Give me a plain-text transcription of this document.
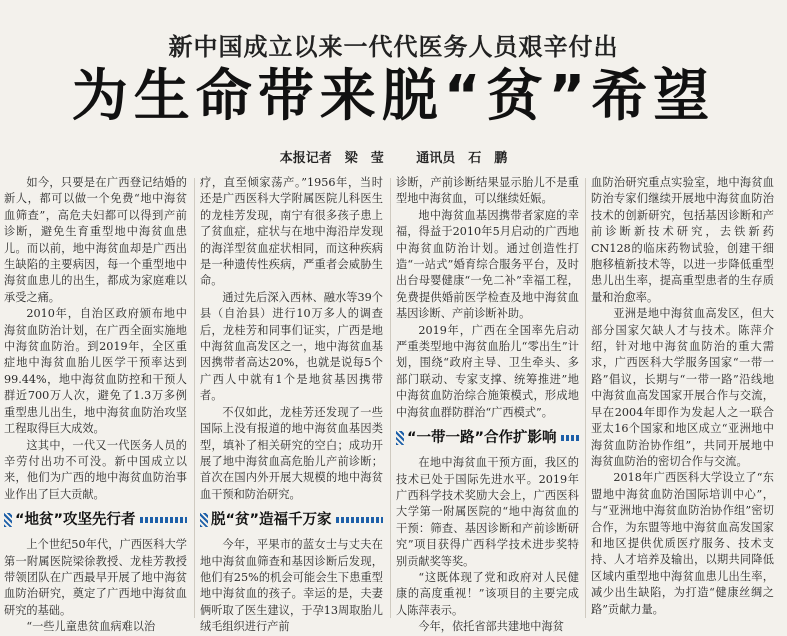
新中国成立以来一代代医务人员艰辛付出
为生命带来脱“贫”希望
本报记者　梁　莹	通讯员　石　鹏

如今，只要是在广西登记结婚的新人，都可以做一个免费“地中海贫血筛查”，高危夫妇都可以得到产前诊断，避免生育重型地中海贫血患儿。而以前，地中海贫血却是广西出生缺陷的主要病因，每一个重型地中海贫血患儿的出生，都成为家庭难以承受之痛。

2010年，自治区政府颁布地中海贫血防治计划，在广西全面实施地中海贫血防治。到2019年，全区重症地中海贫血胎儿医学干预率达到99.44%，地中海贫血防控和干预人群近700万人次，避免了1.3万多例重型患儿出生，地中海贫血防治攻坚工程取得巨大成效。

这其中，一代又一代医务人员的辛劳付出功不可没。新中国成立以来，他们为广西的地中海贫血防治事业作出了巨大贡献。

“地贫”攻坚先行者

上个世纪50年代，广西医科大学第一附属医院梁徐教授、龙桂芳教授带领团队在广西最早开展了地中海贫血防治研究，奠定了广西地中海贫血研究的基础。

“一些儿童患贫血病难以治

疗，直至倾家荡产。”1956年，当时还是广西医科大学附属医院儿科医生的龙桂芳发现，南宁有很多孩子患上了贫血症，症状与在地中海沿岸发现的海洋型贫血症状相同，而这种疾病是一种遗传性疾病，严重者会威胁生命。

通过先后深入西林、融水等39个县（自治县）进行10万多人的调查后，龙桂芳和同事们证实，广西是地中海贫血高发区之一，地中海贫血基因携带者高达20%，也就是说每5个广西人中就有1个是地贫基因携带者。

不仅如此，龙桂芳还发现了一些国际上没有报道的地中海贫血基因类型，填补了相关研究的空白；成功开展了地中海贫血高危胎儿产前诊断；首次在国内外开展大规模的地中海贫血干预和防治研究。

脱“贫”造福千万家

今年，平果市的蓝女士与丈夫在地中海贫血筛查和基因诊断后发现，他们有25%的机会可能会生下患重型地中海贫血的孩子。幸运的是，夫妻俩听取了医生建议，于孕13周取胎儿绒毛组织进行产前

诊断，产前诊断结果显示胎儿不是重型地中海贫血，可以继续妊娠。

地中海贫血基因携带者家庭的幸福，得益于2010年5月启动的广西地中海贫血防治计划。通过创造性打造“一站式”婚育综合服务平台，及时出台母婴健康“一免二补”幸福工程，免费提供婚前医学检查及地中海贫血基因诊断、产前诊断补助。

2019年，广西在全国率先启动严重类型地中海贫血胎儿“零出生”计划，围绕“政府主导、卫生牵头、多部门联动、专家支撑、统筹推进”地中海贫血防治综合施策模式，形成地中海贫血群防群治“广西模式”。

“一带一路”合作扩影响

在地中海贫血干预方面，我区的技术已处于国际先进水平。2019年广西科学技术奖励大会上，广西医科大学第一附属医院的“地中海贫血的干预：筛查、基因诊断和产前诊断研究”项目获得广西科学技术进步奖特别贡献奖等奖。

“这既体现了党和政府对人民健康的高度重视！”该项目的主要完成人陈萍表示。

今年，依托省部共建地中海贫

血防治研究重点实验室，地中海贫血防治专家们继续开展地中海贫血防治技术的创新研究，包括基因诊断和产前诊断新技术研究，去铁新药CN128的临床药物试验，创建干细胞移植新技术等，以进一步降低重型患儿出生率，提高重型患者的生存质量和治愈率。

亚洲是地中海贫血高发区，但大部分国家欠缺人才与技术。陈萍介绍，针对地中海贫血防治的重大需求，广西医科大学服务国家“一带一路”倡议，长期与“一带一路”沿线地中海贫血高发国家开展合作与交流，早在2004年即作为发起人之一联合亚太16个国家和地区成立“亚洲地中海贫血防治协作组”，共同开展地中海贫血防治的密切合作与交流。

2018年广西医科大学设立了“东盟地中海贫血防治国际培训中心”，与“亚洲地中海贫血防治协作组”密切合作，为东盟等地中海贫血高发国家和地区提供优质医疗服务、技术支持、人才培养及输出，以期共同降低区域内重型地中海贫血患儿出生率，减少出生缺陷，为打造“健康丝绸之路”贡献力量。
